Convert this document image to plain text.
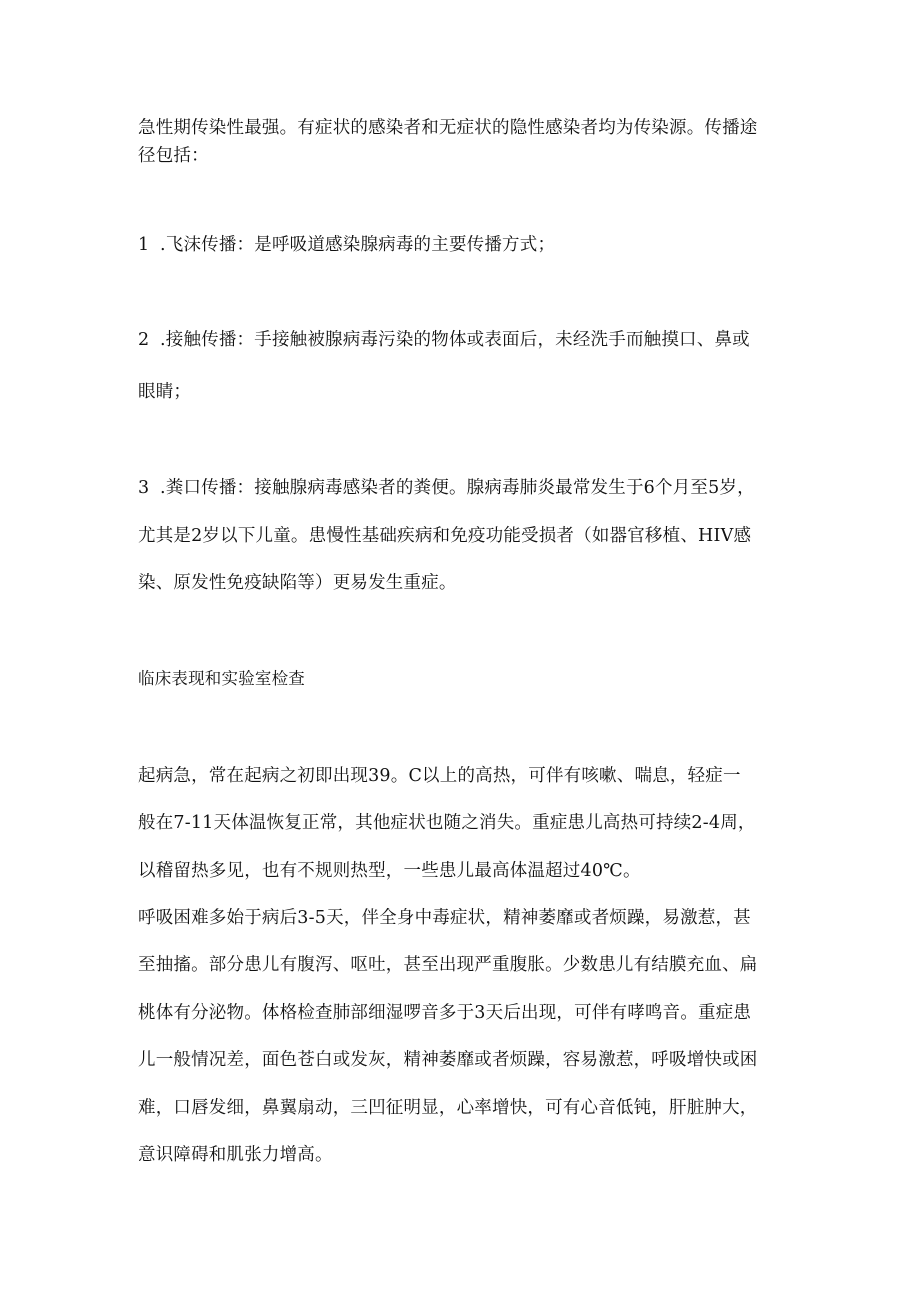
急性期传染性最强。有症状的感染者和无症状的隐性感染者均为传染源。传播途
径包括：
1 .飞沫传播：是呼吸道感染腺病毒的主要传播方式；
2 .接触传播：手接触被腺病毒污染的物体或表面后，未经洗手而触摸口、鼻或
眼睛；
3 .粪口传播：接触腺病毒感染者的粪便。腺病毒肺炎最常发生于6个月至5岁，
尤其是2岁以下儿童。患慢性基础疾病和免疫功能受损者（如器官移植、HIV感
染、原发性免疫缺陷等）更易发生重症。
临床表现和实验室检查
起病急，常在起病之初即出现39。C以上的高热，可伴有咳嗽、喘息，轻症一
般在7-11天体温恢复正常，其他症状也随之消失。重症患儿高热可持续2-4周，
以稽留热多见，也有不规则热型，一些患儿最高体温超过40℃。
呼吸困难多始于病后3-5天，伴全身中毒症状，精神萎靡或者烦躁，易激惹，甚
至抽搐。部分患儿有腹泻、呕吐，甚至出现严重腹胀。少数患儿有结膜充血、扁
桃体有分泌物。体格检查肺部细湿啰音多于3天后出现，可伴有哮鸣音。重症患
儿一般情况差，面色苍白或发灰，精神萎靡或者烦躁，容易激惹，呼吸增快或困
难，口唇发细，鼻翼扇动，三凹征明显，心率增快，可有心音低钝，肝脏肿大，
意识障碍和肌张力增高。
